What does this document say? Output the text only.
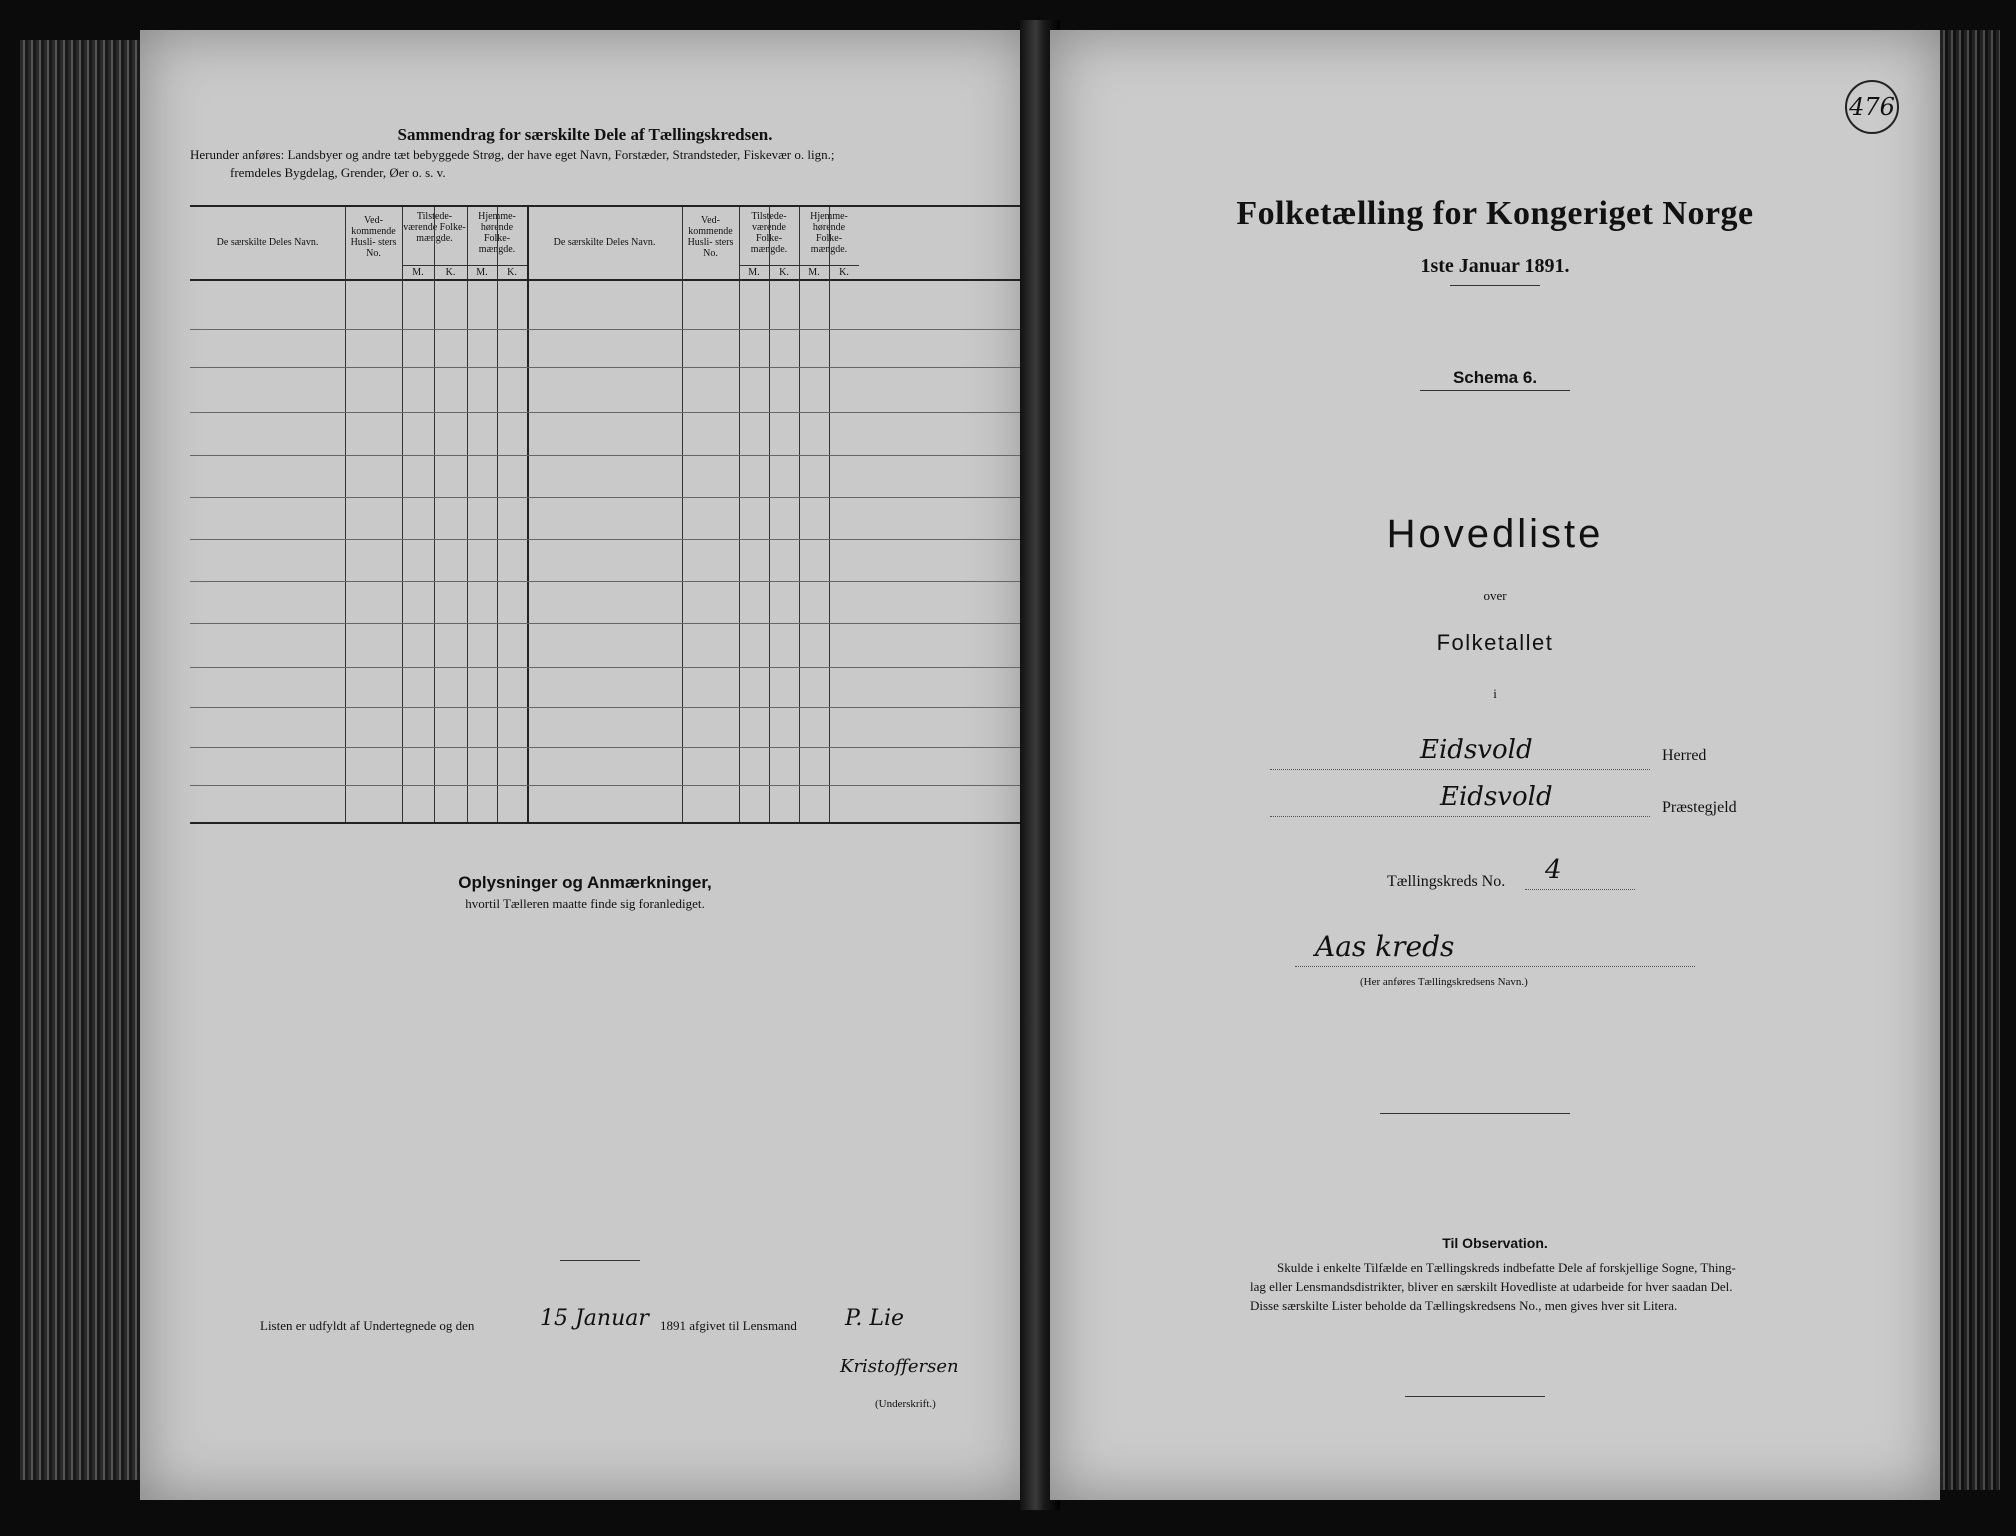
Sammendrag for særskilte Dele af Tællingskredsen.
Herunder anføres: Landsbyer og andre tæt bebyggede Strøg, der have eget Navn, Forstæder, Strandsteder, Fiskevær o. lign.;
fremdeles Bygdelag, Grender, Øer o. s. v.
De særskilte Deles Navn.
Ved- kommende Husli- sters No.
Tilstede- værende Folke- mængde.
Hjemme- hørende Folke- mængde.
M.	K.	M.	K.
De særskilte Deles Navn.
Ved- kommende Husli- sters No.
Tilstede- værende Folke- mængde.
Hjemme- hørende Folke- mængde.
M.	K.	M.	K.
Oplysninger og Anmærkninger,
hvortil Tælleren maatte finde sig foranlediget.
Listen er udfyldt af Undertegnede og den	15 Januar 1891 afgivet til Lensmand P. Lie
Kristoffersen
(Underskrift.)
Folketælling for Kongeriget Norge
1ste Januar 1891.
Schema 6.
Hovedliste
over
Folketallet
i
Eidsvold	Herred
Eidsvold	Præstegjeld
Tællingskreds No. 4
Aas kreds
(Her anføres Tællingskredsens Navn.)
Til Observation.
Skulde i enkelte Tilfælde en Tællingskreds indbefatte Dele af forskjellige Sogne, Thing-
lag eller Lensmandsdistrikter, bliver en særskilt Hovedliste at udarbeide for hver saadan Del.
Disse særskilte Lister beholde da Tællingskredsens No., men gives hver sit Litera.
476
